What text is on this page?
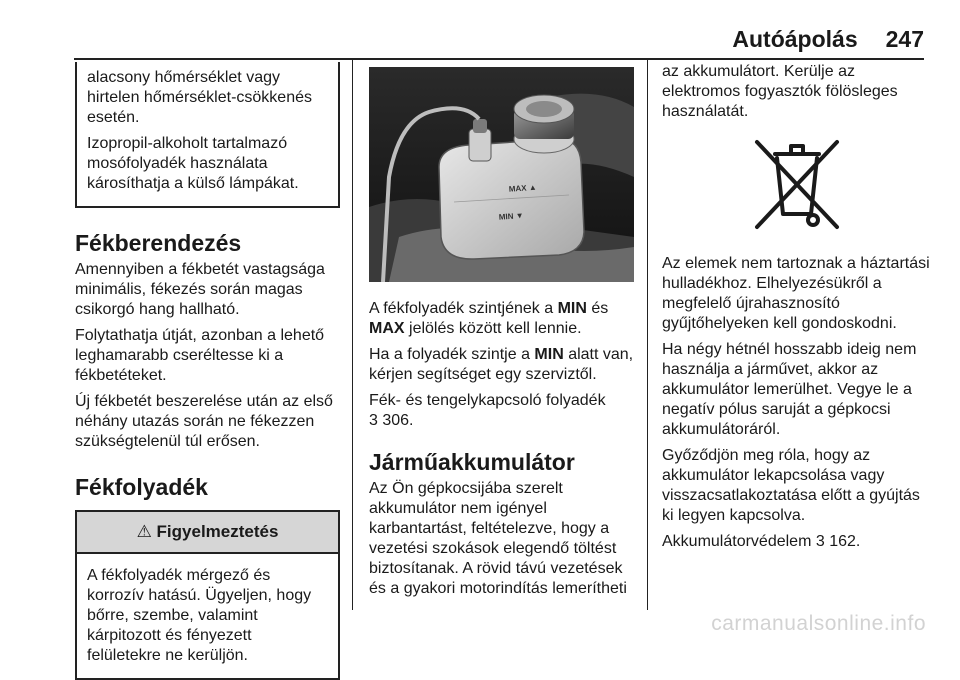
Autóápolás 247

alacsony hőmérséklet vagy hirtelen hőmérséklet-csökkenés esetén.

Izopropil-alkoholt tartalmazó mosófolyadék használata károsíthatja a külső lámpákat.

Fékberendezés

Amennyiben a fékbetét vastagsága minimális, fékezés során magas csikorgó hang hallható.

Folytathatja útját, azonban a lehető leghamarabb cseréltesse ki a fékbetéteket.

Új fékbetét beszerelése után az első néhány utazás során ne fékezzen szükségtelenül túl erősen.

Fékfolyadék
⚠ Figyelmeztetés
A fékfolyadék mérgező és korrozív hatású. Ügyeljen, hogy bőrre, szembe, valamint kárpitozott és fényezett felületekre ne kerüljön.
MAX ▲
MIN ▼

A fékfolyadék szintjének a MIN és MAX jelölés között kell lennie.

Ha a folyadék szintje a MIN alatt van, kérjen segítséget egy szerviztől.

Fék- és tengelykapcsoló folyadék
3 306.

Járműakkumulátor

Az Ön gépkocsijába szerelt akkumulátor nem igényel karbantartást, feltételezve, hogy a vezetési szokások elegendő töltést biztosítanak. A rövid távú vezetések és a gyakori motorindítás lemerítheti

az akkumulátort. Kerülje az elektromos fogyasztók fölösleges használatát.

Az elemek nem tartoznak a háztartási hulladékhoz. Elhelyezésükről a megfelelő újrahasznosító gyűjtőhelyeken kell gondoskodni.

Ha négy hétnél hosszabb ideig nem használja a járművet, akkor az akkumulátor lemerülhet. Vegye le a negatív pólus saruját a gépkocsi akkumulátoráról.

Győződjön meg róla, hogy az akkumulátor lekapcsolása vagy visszacsatlakoztatása előtt a gyújtás ki legyen kapcsolva.

Akkumulátorvédelem 3 162.

carmanualsonline.info
